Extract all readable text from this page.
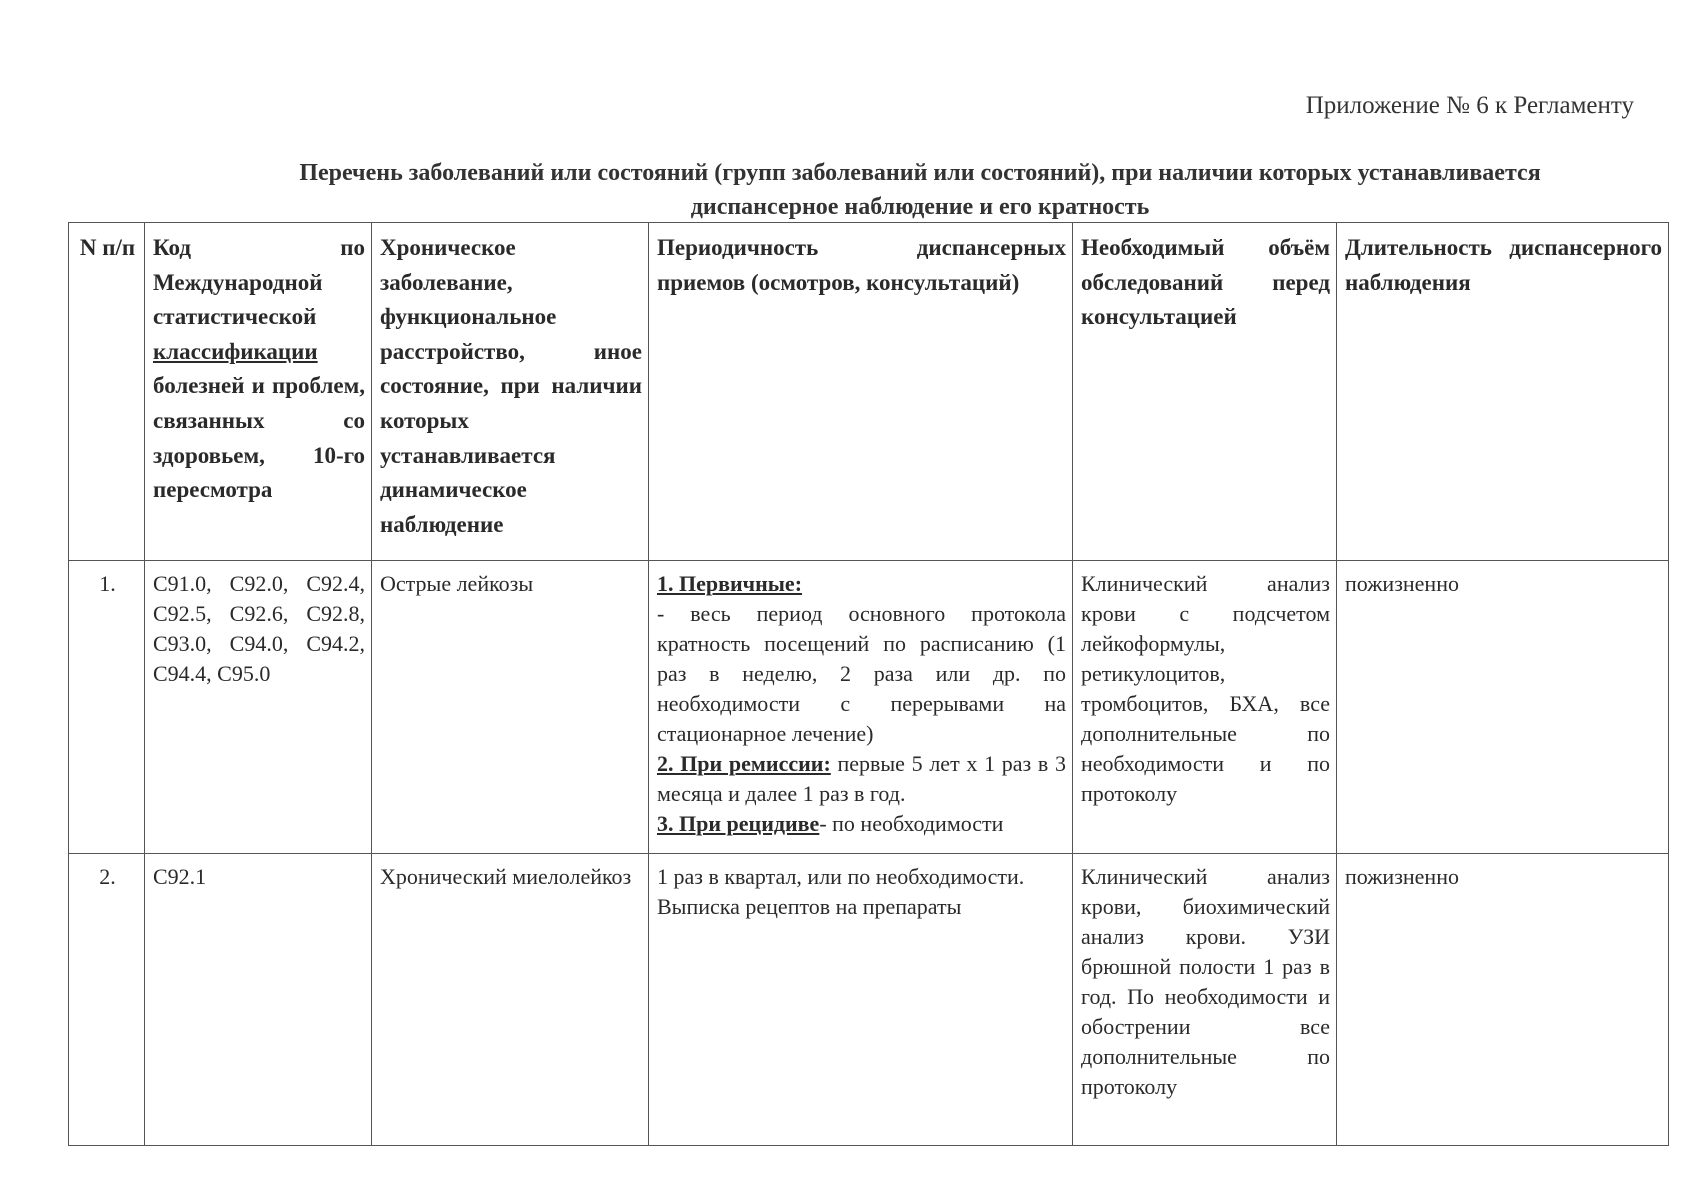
Приложение № 6 к Регламенту
Перечень заболеваний или состояний (групп заболеваний или состояний), при наличии которых устанавливается диспансерное наблюдение и его кратность
N п/п	Код по Международной статистической классификации болезней и проблем, связанных со здоровьем, 10-го пересмотра	Хроническое заболевание, функциональное расстройство, иное состояние, при наличии которых устанавливается динамическое наблюдение	Периодичность диспансерных приемов (осмотров, консультаций)	Необходимый объём обследований перед консультацией	Длительность диспансерного наблюдения
1.	C91.0, C92.0, C92.4, C92.5, C92.6, C92.8, C93.0, C94.0, C94.2, C94.4, C95.0	Острые лейкозы	1. Первичные:
- весь период основного протокола кратность посещений по расписанию (1 раз в неделю, 2 раза или др. по необходимости с перерывами на стационарное лечение)
2. При ремиссии: первые 5 лет х 1 раз в 3 месяца и далее 1 раз в год.
3. При рецидиве- по необходимости	Клинический анализ крови с подсчетом лейкоформулы, ретикулоцитов, тромбоцитов, БХА, все дополнительные по необходимости и по протоколу	пожизненно
2.	C92.1	Хронический миелолейкоз	1 раз в квартал, или по необходимости.
Выписка рецептов на препараты	Клинический анализ крови, биохимический анализ крови. УЗИ брюшной полости 1 раз в год. По необходимости и обострении все дополнительные по протоколу	пожизненно
